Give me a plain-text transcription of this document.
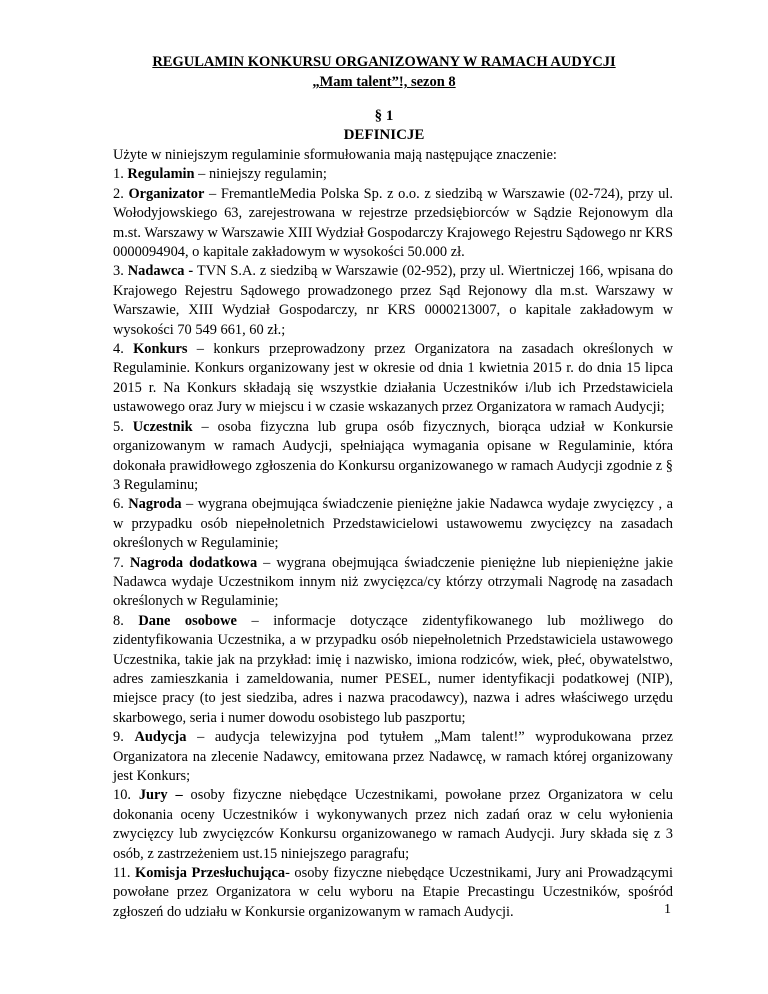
REGULAMIN KONKURSU ORGANIZOWANY W RAMACH AUDYCJI
„Mam talent”!, sezon 8
§ 1
DEFINICJE

Użyte w niniejszym regulaminie sformułowania mają następujące znaczenie:

1. Regulamin – niniejszy regulamin;

2. Organizator – FremantleMedia Polska Sp. z o.o. z siedzibą w Warszawie (02-724), przy ul. Wołodyjowskiego 63, zarejestrowana w rejestrze przedsiębiorców w Sądzie Rejonowym dla m.st. Warszawy w Warszawie XIII Wydział Gospodarczy Krajowego Rejestru Sądowego nr KRS 0000094904, o kapitale zakładowym w wysokości 50.000 zł.

3. Nadawca - TVN S.A. z siedzibą w Warszawie (02-952), przy ul. Wiertniczej 166, wpisana do Krajowego Rejestru Sądowego prowadzonego przez Sąd Rejonowy dla m.st. Warszawy w Warszawie, XIII Wydział Gospodarczy, nr KRS 0000213007, o kapitale zakładowym w wysokości 70 549 661, 60 zł.;

4. Konkurs – konkurs przeprowadzony przez Organizatora na zasadach określonych w Regulaminie. Konkurs organizowany jest w okresie od dnia 1 kwietnia 2015 r. do dnia 15 lipca 2015 r. Na Konkurs składają się wszystkie działania Uczestników i/lub ich Przedstawiciela ustawowego oraz Jury w miejscu i w czasie wskazanych przez Organizatora w ramach Audycji;

5. Uczestnik – osoba fizyczna lub grupa osób fizycznych, biorąca udział w Konkursie organizowanym w ramach Audycji, spełniająca wymagania opisane w Regulaminie, która dokonała prawidłowego zgłoszenia do Konkursu organizowanego w ramach Audycji zgodnie z § 3 Regulaminu;

6. Nagroda – wygrana obejmująca świadczenie pieniężne jakie Nadawca wydaje zwycięzcy , a w przypadku osób niepełnoletnich Przedstawicielowi ustawowemu zwycięzcy na zasadach określonych w Regulaminie;

7. Nagroda dodatkowa – wygrana obejmująca świadczenie pieniężne lub niepieniężne jakie Nadawca wydaje Uczestnikom innym niż zwycięzca/cy którzy otrzymali Nagrodę na zasadach określonych w Regulaminie;

8. Dane osobowe – informacje dotyczące zidentyfikowanego lub możliwego do zidentyfikowania Uczestnika, a w przypadku osób niepełnoletnich Przedstawiciela ustawowego Uczestnika, takie jak na przykład: imię i nazwisko, imiona rodziców, wiek, płeć, obywatelstwo, adres zamieszkania i zameldowania, numer PESEL, numer identyfikacji podatkowej (NIP), miejsce pracy (to jest siedziba, adres i nazwa pracodawcy), nazwa i adres właściwego urzędu skarbowego, seria i numer dowodu osobistego lub paszportu;

9. Audycja – audycja telewizyjna pod tytułem „Mam talent!” wyprodukowana przez Organizatora na zlecenie Nadawcy, emitowana przez Nadawcę, w ramach której organizowany jest Konkurs;

10. Jury – osoby fizyczne niebędące Uczestnikami, powołane przez Organizatora w celu dokonania oceny Uczestników i wykonywanych przez nich zadań oraz w celu wyłonienia zwycięzcy lub zwycięzców Konkursu organizowanego w ramach Audycji. Jury składa się z 3 osób, z zastrzeżeniem ust.15 niniejszego paragrafu;

11. Komisja Przesłuchująca- osoby fizyczne niebędące Uczestnikami, Jury ani Prowadzącymi powołane przez Organizatora w celu wyboru na Etapie Precastingu Uczestników, spośród zgłoszeń do udziału w Konkursie organizowanym w ramach Audycji.	1
